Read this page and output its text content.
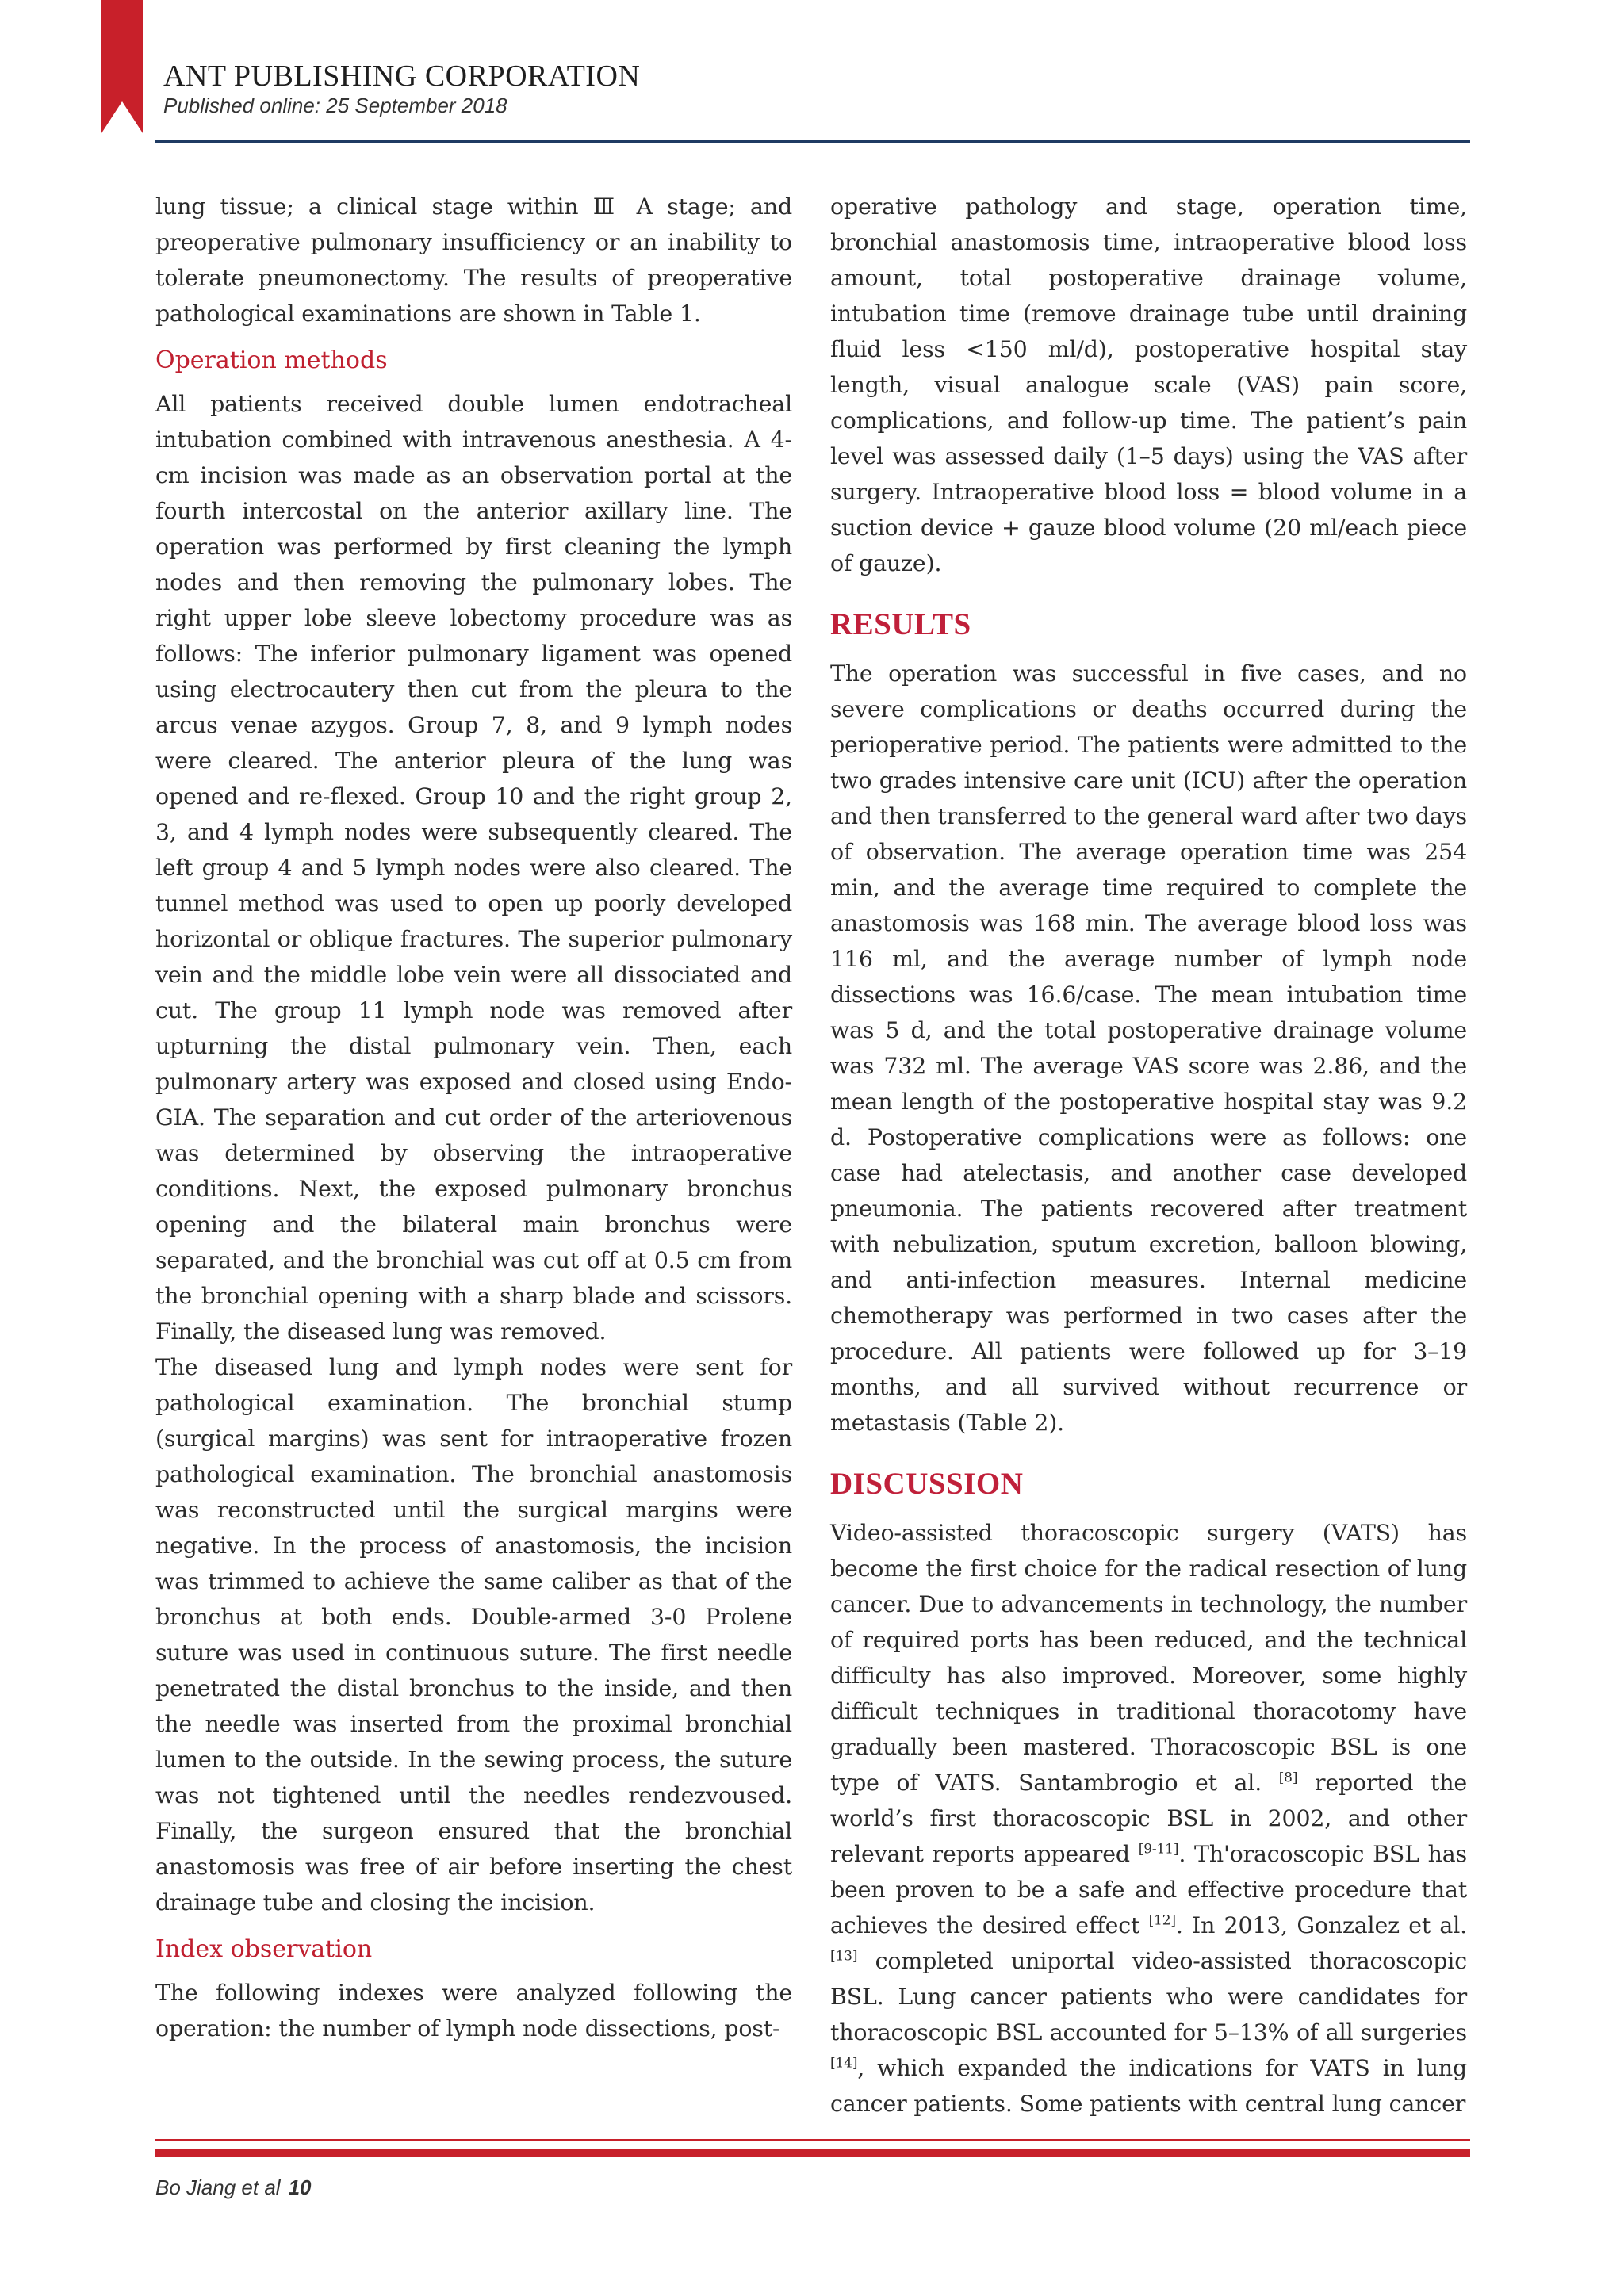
ANT PUBLISHING CORPORATION
Published online: 25 September 2018

lung tissue; a clinical stage within Ⅲ A stage; and preoperative pulmonary insufficiency or an inability to tolerate pneumonectomy. The results of preoperative pathological examinations are shown in Table 1.

Operation methods

All patients received double lumen endotracheal intubation combined with intravenous anesthesia. A 4-cm incision was made as an observation portal at the fourth intercostal on the anterior axillary line. The operation was performed by first cleaning the lymph nodes and then removing the pulmonary lobes. The right upper lobe sleeve lobectomy procedure was as follows: The inferior pulmonary ligament was opened using electrocautery then cut from the pleura to the arcus venae azygos. Group 7, 8, and 9 lymph nodes were cleared. The anterior pleura of the lung was opened and re-flexed. Group 10 and the right group 2, 3, and 4 lymph nodes were subsequently cleared. The left group 4 and 5 lymph nodes were also cleared. The tunnel method was used to open up poorly developed horizontal or oblique fractures. The superior pulmonary vein and the middle lobe vein were all dissociated and cut. The group 11 lymph node was removed after upturning the distal pulmonary vein. Then, each pulmonary artery was exposed and closed using Endo-GIA. The separation and cut order of the arteriovenous was determined by observing the intraoperative conditions. Next, the exposed pulmonary bronchus opening and the bilateral main bronchus were separated, and the bronchial was cut off at 0.5 cm from the bronchial opening with a sharp blade and scissors. Finally, the diseased lung was removed.

The diseased lung and lymph nodes were sent for pathological examination. The bronchial stump (surgical margins) was sent for intraoperative frozen pathological examination. The bronchial anastomosis was reconstructed until the surgical margins were negative. In the process of anastomosis, the incision was trimmed to achieve the same caliber as that of the bronchus at both ends. Double-armed 3-0 Prolene suture was used in continuous suture. The first needle penetrated the distal bronchus to the inside, and then the needle was inserted from the proximal bronchial lumen to the outside. In the sewing process, the suture was not tightened until the needles rendezvoused. Finally, the surgeon ensured that the bronchial anastomosis was free of air before inserting the chest drainage tube and closing the incision.

Index observation

The following indexes were analyzed following the operation: the number of lymph node dissections, post-

operative pathology and stage, operation time, bronchial anastomosis time, intraoperative blood loss amount, total postoperative drainage volume, intubation time (remove drainage tube until draining fluid less <150 ml/d), postoperative hospital stay length, visual analogue scale (VAS) pain score, complications, and follow-up time. The patient’s pain level was assessed daily (1–5 days) using the VAS after surgery. Intraoperative blood loss = blood volume in a suction device + gauze blood volume (20 ml/each piece of gauze).

RESULTS

The operation was successful in five cases, and no severe complications or deaths occurred during the perioperative period. The patients were admitted to the two grades intensive care unit (ICU) after the operation and then transferred to the general ward after two days of observation. The average operation time was 254 min, and the average time required to complete the anastomosis was 168 min. The average blood loss was 116 ml, and the average number of lymph node dissections was 16.6/case. The mean intubation time was 5 d, and the total postoperative drainage volume was 732 ml. The average VAS score was 2.86, and the mean length of the postoperative hospital stay was 9.2 d. Postoperative complications were as follows: one case had atelectasis, and another case developed pneumonia. The patients recovered after treatment with nebulization, sputum excretion, balloon blowing, and anti-infection measures. Internal medicine chemotherapy was performed in two cases after the procedure. All patients were followed up for 3–19 months, and all survived without recurrence or metastasis (Table 2).

DISCUSSION

Video-assisted thoracoscopic surgery (VATS) has become the first choice for the radical resection of lung cancer. Due to advancements in technology, the number of required ports has been reduced, and the technical difficulty has also improved. Moreover, some highly difficult techniques in traditional thoracotomy have gradually been mastered. Thoracoscopic BSL is one type of VATS. Santambrogio et al. [8] reported the world’s first thoracoscopic BSL in 2002, and other relevant reports appeared [9-11]. Th'oracoscopic BSL has been proven to be a safe and effective procedure that achieves the desired effect [12]. In 2013, Gonzalez et al. [13] completed uniportal video-assisted thoracoscopic BSL. Lung cancer patients who were candidates for thoracoscopic BSL accounted for 5–13% of all surgeries [14], which expanded the indications for VATS in lung cancer patients. Some patients with central lung cancer

Bo Jiang et al 10
